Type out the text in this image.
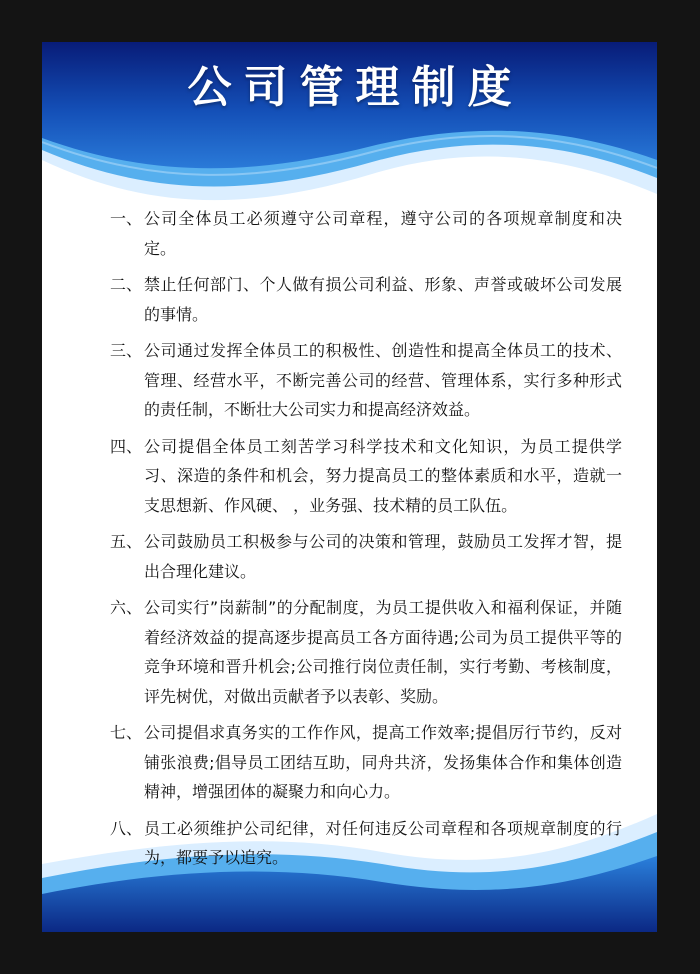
公司管理制度
一、 公司全体员工必须遵守公司章程，遵守公司的各项规章制度和决定。
二、 禁止任何部门、个人做有损公司利益、形象、声誉或破坏公司发展的事情。
三、 公司通过发挥全体员工的积极性、创造性和提高全体员工的技术、管理、经营水平，不断完善公司的经营、管理体系，实行多种形式的责任制，不断壮大公司实力和提高经济效益。
四、 公司提倡全体员工刻苦学习科学技术和文化知识，为员工提供学习、深造的条件和机会，努力提高员工的整体素质和水平，造就一支思想新、作风硬、 ，业务强、技术精的员工队伍。
五、 公司鼓励员工积极参与公司的决策和管理，鼓励员工发挥才智，提出合理化建议。
六、 公司实行”岗薪制”的分配制度，为员工提供收入和福利保证，并随着经济效益的提高逐步提高员工各方面待遇;公司为员工提供平等的竞争环境和晋升机会;公司推行岗位责任制，实行考勤、考核制度，评先树优，对做出贡献者予以表彰、奖励。
七、 公司提倡求真务实的工作作风，提高工作效率;提倡厉行节约，反对铺张浪费;倡导员工团结互助，同舟共济，发扬集体合作和集体创造精神，增强团体的凝聚力和向心力。
八、 员工必须维护公司纪律，对任何违反公司章程和各项规章制度的行为，都要予以追究。
